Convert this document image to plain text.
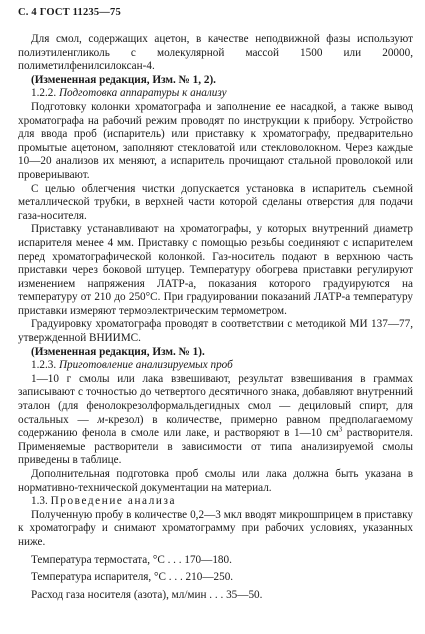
С. 4 ГОСТ 11235—75

Для смол, содержащих ацетон, в качестве неподвижной фазы используют полиэтиленгликоль с молекулярной массой 1500 или 20000, полиметилфенилсилоксан-4.

(Измененная редакция, Изм. № 1, 2).

1.2.2. Подготовка аппаратуры к анализу

Подготовку колонки хроматографа и заполнение ее насадкой, а также вывод хроматографа на рабочий режим проводят по инструкции к прибору. Устройство для ввода проб (испаритель) или приставку к хроматографу, предварительно промытые ацетоном, заполняют стекловатой или стекловолокном. Через каждые 10—20 анализов их меняют, а испаритель прочищают стальной проволокой или провериывают.

С целью облегчения чистки допускается установка в испаритель съемной металлической трубки, в верхней части которой сделаны отверстия для подачи газа-носителя.

Приставку устанавливают на хроматографы, у которых внутренний диаметр испарителя менее 4 мм. Приставку с помощью резьбы соединяют с испарителем перед хроматографической колонкой. Газ-носитель подают в верхнюю часть приставки через боковой штуцер. Температуру обогрева приставки регулируют изменением напряжения ЛАТР-а, показания которого градуируются на температуру от 210 до 250°С. При градуировании показаний ЛАТР-а температуру приставки измеряют термоэлектрическим термометром.

Градуировку хроматографа проводят в соответствии с методикой МИ 137—77, утвержденной ВНИИМС.

(Измененная редакция, Изм. № 1).

1.2.3. Приготовление анализируемых проб

1—10 г смолы или лака взвешивают, результат взвешивания в граммах записывают с точностью до четвертого десятичного знака, добавляют внутренний эталон (для фенолокрезолформальдегидных смол — дециловый спирт, для остальных — м-крезол) в количестве, примерно равном предполагаемому содержанию фенола в смоле или лаке, и растворяют в 1—10 $см^3$ растворителя. Применяемые растворители в зависимости от типа анализируемой смолы приведены в таблице.

Дополнительная подготовка проб смолы или лака должна быть указана в нормативно-технической документации на материал.

1.3. Проведение анализа

Полученную пробу в количестве 0,2—3 мкл вводят микрошприцем в приставку к хроматографу и снимают хроматограмму при рабочих условиях, указанных ниже.

Температура термостата, °С . . . 170—180.

Температура испарителя, °С . . . 210—250.

Расход газа носителя (азота), мл/мин . . . 35—50.
